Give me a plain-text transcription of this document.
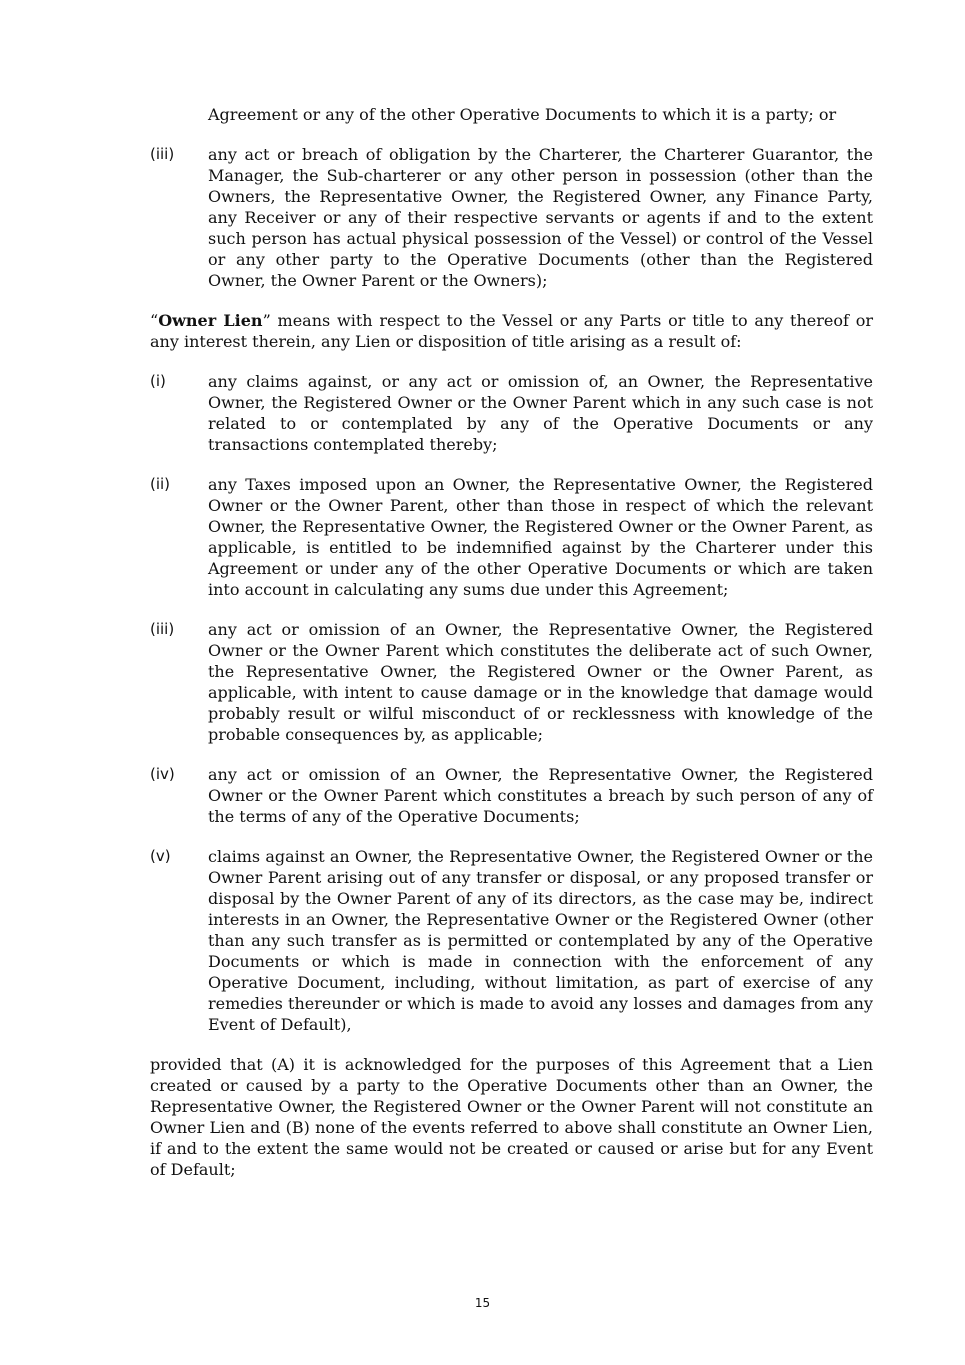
Agreement or any of the other Operative Documents to which it is a party; or

(iii)	any act or breach of obligation by the Charterer, the Charterer Guarantor, the Manager, the Sub-charterer or any other person in possession (other than the Owners, the Representative Owner, the Registered Owner, any Finance Party, any Receiver or any of their respective servants or agents if and to the extent such person has actual physical possession of the Vessel) or control of the Vessel or any other party to the Operative Documents (other than the Registered Owner, the Owner Parent or the Owners);

“Owner Lien” means with respect to the Vessel or any Parts or title to any thereof or any interest therein, any Lien or disposition of title arising as a result of:

(i)	any claims against, or any act or omission of, an Owner, the Representative Owner, the Registered Owner or the Owner Parent which in any such case is not related to or contemplated by any of the Operative Documents or any transactions contemplated thereby;
(ii)	any Taxes imposed upon an Owner, the Representative Owner, the Registered Owner or the Owner Parent, other than those in respect of which the relevant Owner, the Representative Owner, the Registered Owner or the Owner Parent, as applicable, is entitled to be indemnified against by the Charterer under this Agreement or under any of the other Operative Documents or which are taken into account in calculating any sums due under this Agreement;
(iii)	any act or omission of an Owner, the Representative Owner, the Registered Owner or the Owner Parent which constitutes the deliberate act of such Owner, the Representative Owner, the Registered Owner or the Owner Parent, as applicable, with intent to cause damage or in the knowledge that damage would probably result or wilful misconduct of or recklessness with knowledge of the probable consequences by, as applicable;
(iv)	any act or omission of an Owner, the Representative Owner, the Registered Owner or the Owner Parent which constitutes a breach by such person of any of the terms of any of the Operative Documents;
(v)	claims against an Owner, the Representative Owner, the Registered Owner or the Owner Parent arising out of any transfer or disposal, or any proposed transfer or disposal by the Owner Parent of any of its directors, as the case may be, indirect interests in an Owner, the Representative Owner or the Registered Owner (other than any such transfer as is permitted or contemplated by any of the Operative Documents or which is made in connection with the enforcement of any Operative Document, including, without limitation, as part of exercise of any remedies thereunder or which is made to avoid any losses and damages from any Event of Default),

provided that (A) it is acknowledged for the purposes of this Agreement that a Lien created or caused by a party to the Operative Documents other than an Owner, the Representative Owner, the Registered Owner or the Owner Parent will not constitute an Owner Lien and (B) none of the events referred to above shall constitute an Owner Lien, if and to the extent the same would not be created or caused or arise but for any Event of Default;

15
